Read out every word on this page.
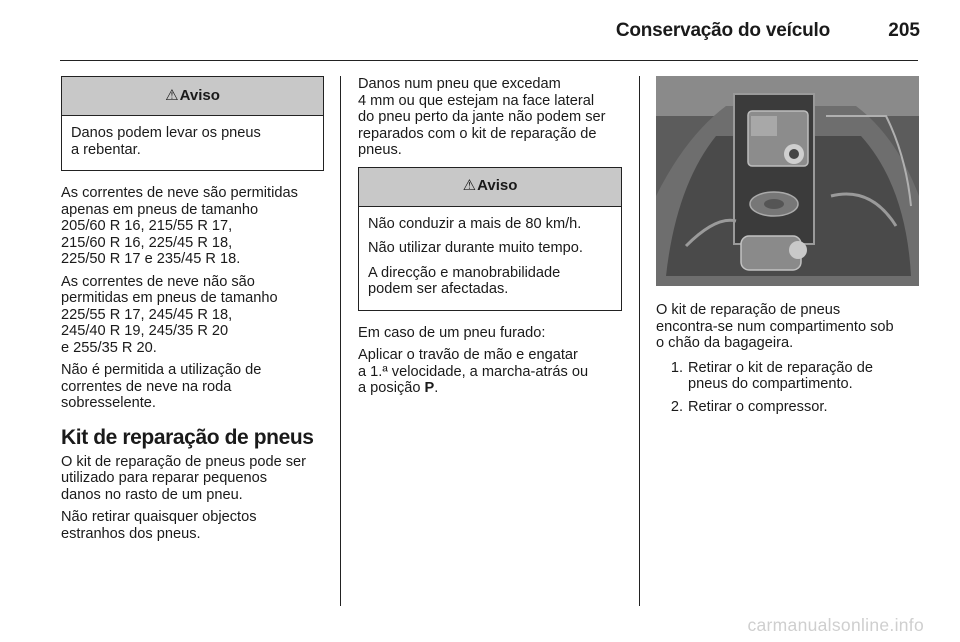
Conservação do veículo	205
⚠ Aviso

Danos podem levar os pneus
a rebentar.

As correntes de neve são permitidas
apenas em pneus de tamanho
205/60 R 16, 215/55 R 17,
215/60 R 16, 225/45 R 18,
225/50 R 17 e 235/45 R 18.

As correntes de neve não são
permitidas em pneus de tamanho
225/55 R 17, 245/45 R 18,
245/40 R 19, 245/35 R 20
e 255/35 R 20.

Não é permitida a utilização de
correntes de neve na roda
sobresselente.

Kit de reparação de pneus

O kit de reparação de pneus pode ser
utilizado para reparar pequenos
danos no rasto de um pneu.

Não retirar quaisquer objectos
estranhos dos pneus.

Danos num pneu que excedam
4 mm ou que estejam na face lateral
do pneu perto da jante não podem ser
reparados com o kit de reparação de
pneus.

⚠ Aviso

Não conduzir a mais de 80 km/h.

Não utilizar durante muito tempo.

A direcção e manobrabilidade
podem ser afectadas.

Em caso de um pneu furado:

Aplicar o travão de mão e engatar
a 1.ª velocidade, a marcha-atrás ou
a posição P.

O kit de reparação de pneus
encontra-se num compartimento sob
o chão da bagageira.

1. Retirar o kit de reparação de
pneus do compartimento.
2. Retirar o compressor.
carmanualsonline.info
